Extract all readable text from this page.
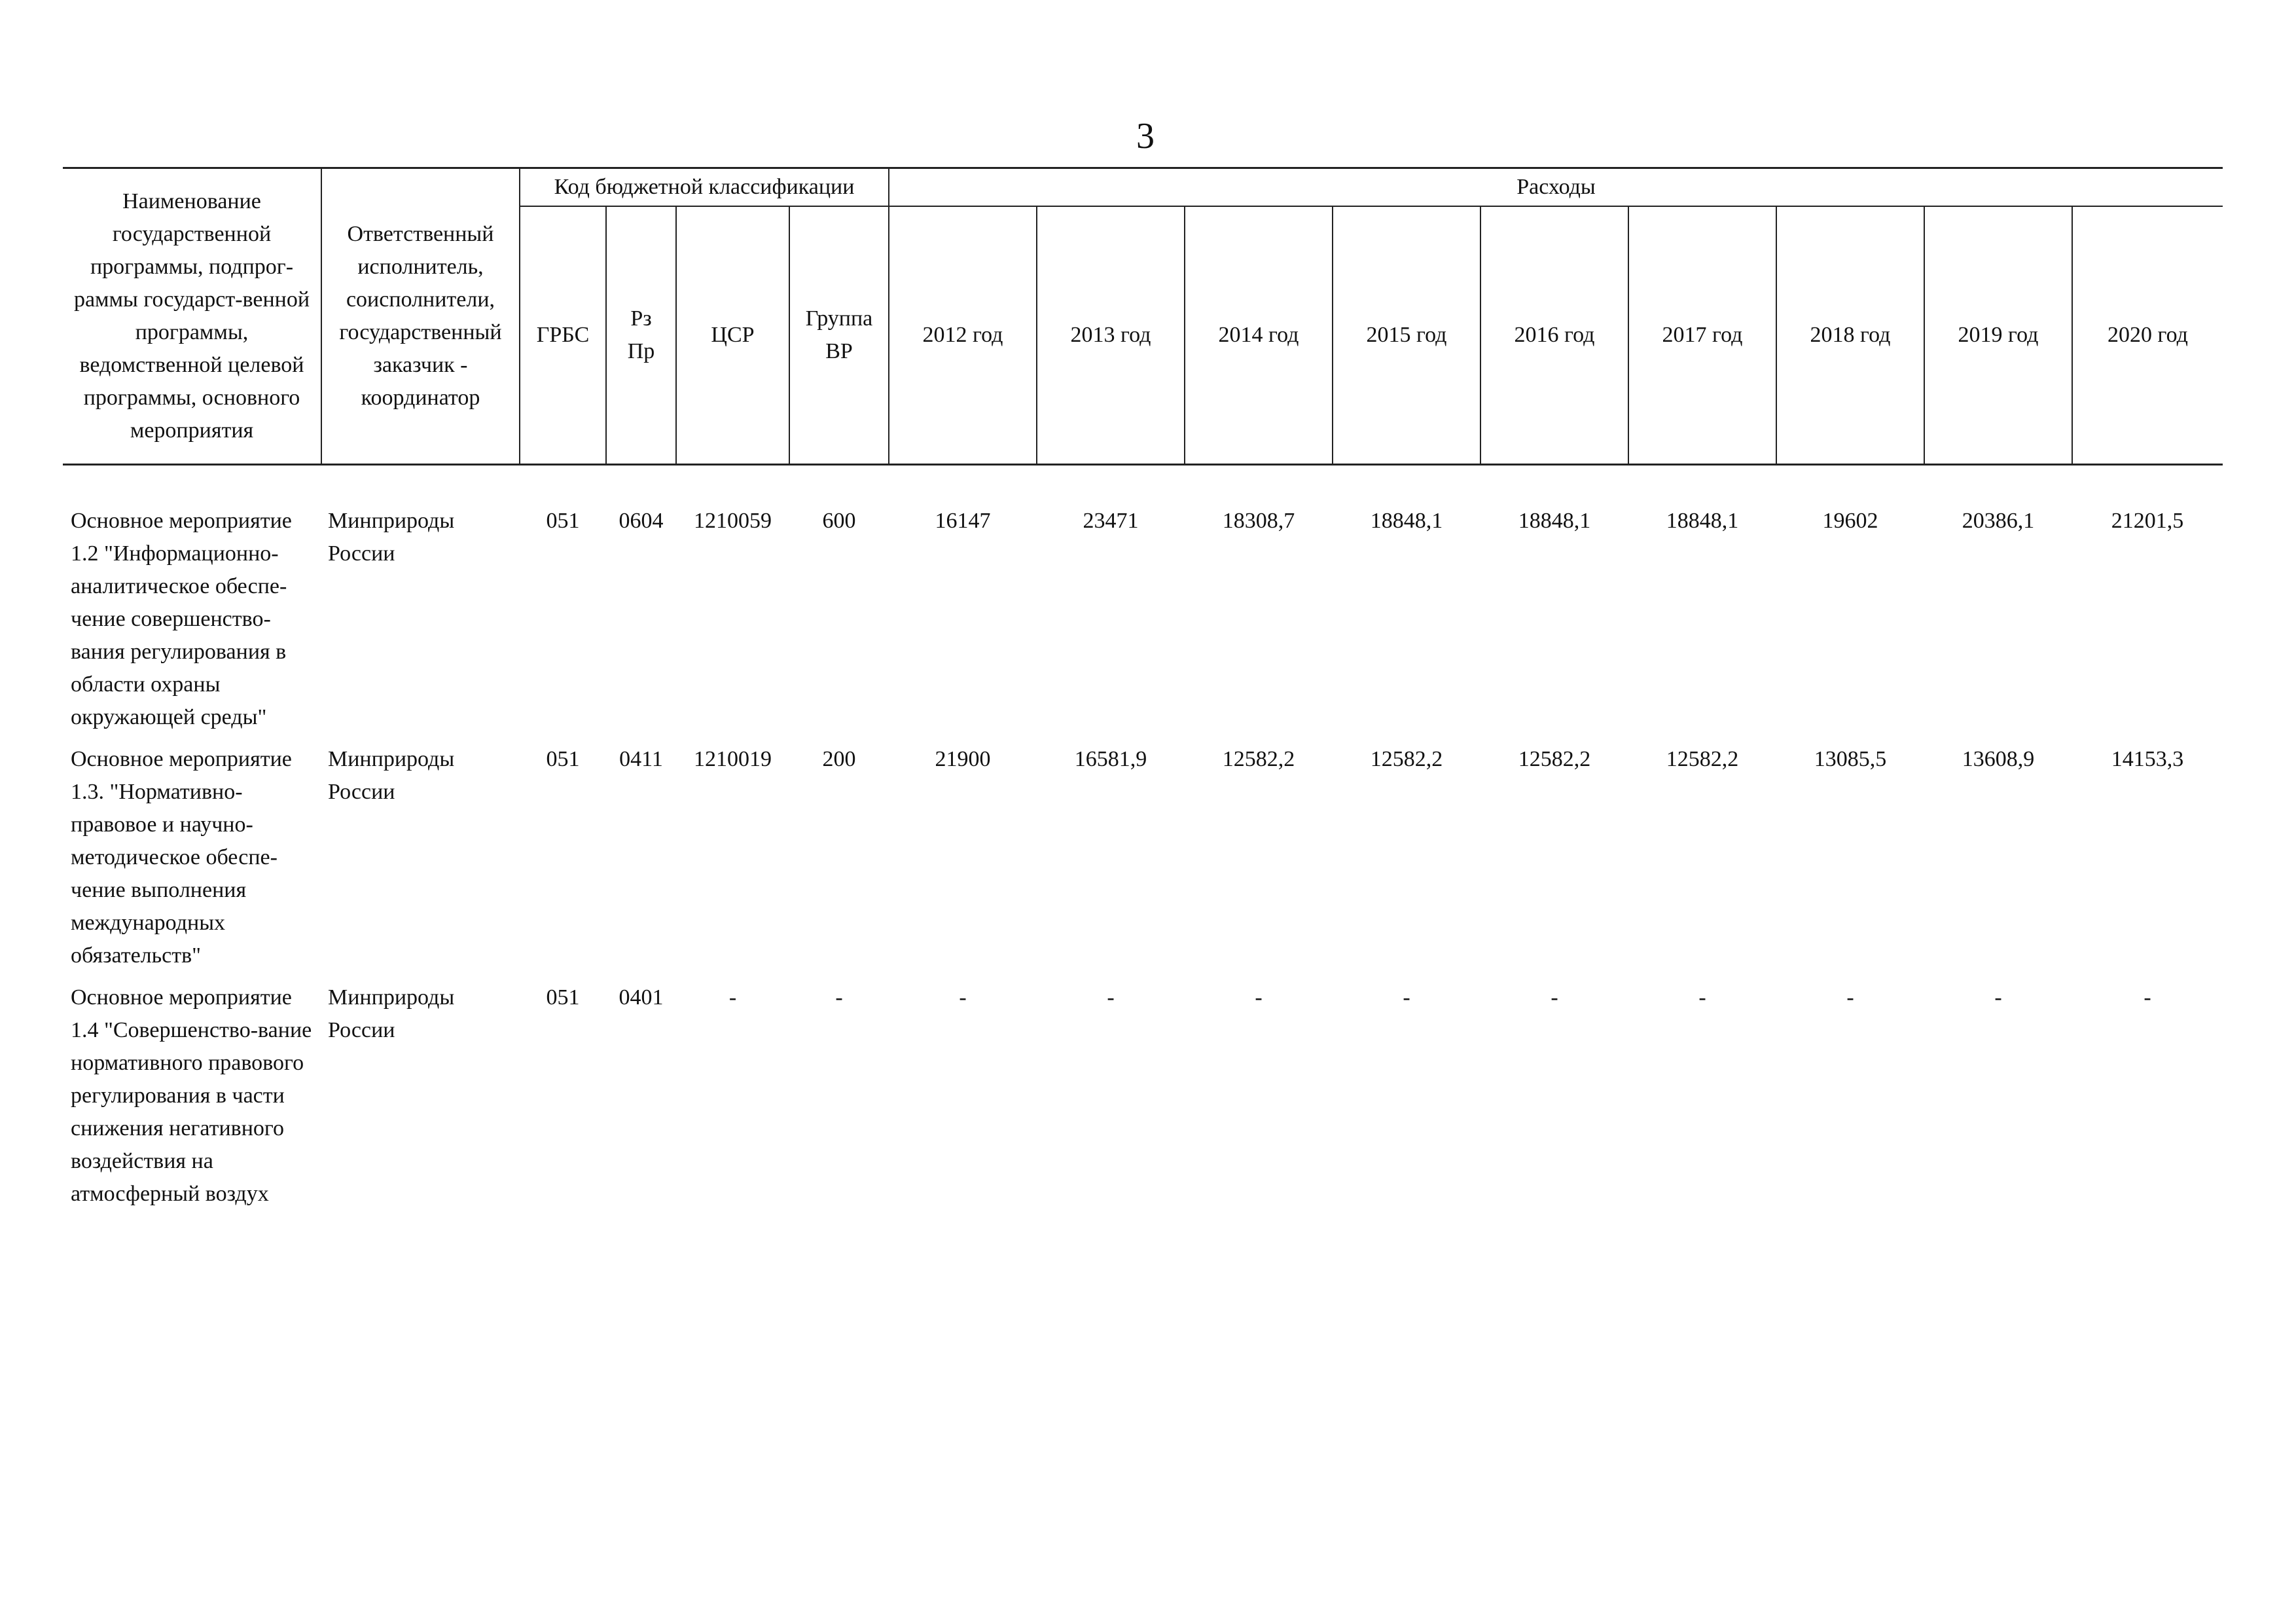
3
Наименование государственной программы, подпрог-раммы государст-венной программы, ведомственной целевой программы, основного мероприятия	Ответственный исполнитель, соисполнители, государственный заказчик - координатор	Код бюджетной классификации				Расходы								
		ГРБС	Рз Пр	ЦСР	Группа ВР	2012 год	2013 год	2014 год	2015 год	2016 год	2017 год	2018 год	2019 год	2020 год
Основное мероприятие 1.2 "Информационно-аналитическое обеспе-чение совершенство-вания регулирования в области охраны окружающей среды"	Минприроды России	051	0604	1210059	600	16147	23471	18308,7	18848,1	18848,1	18848,1	19602	20386,1	21201,5
Основное мероприятие 1.3. "Нормативно-правовое и научно-методическое обеспе-чение выполнения международных обязательств"	Минприроды России	051	0411	1210019	200	21900	16581,9	12582,2	12582,2	12582,2	12582,2	13085,5	13608,9	14153,3
Основное мероприятие 1.4 "Совершенство-вание нормативного правового регулирования в части снижения негативного воздействия на атмосферный воздух	Минприроды России	051	0401	-	-	-	-	-	-	-	-	-	-	-
